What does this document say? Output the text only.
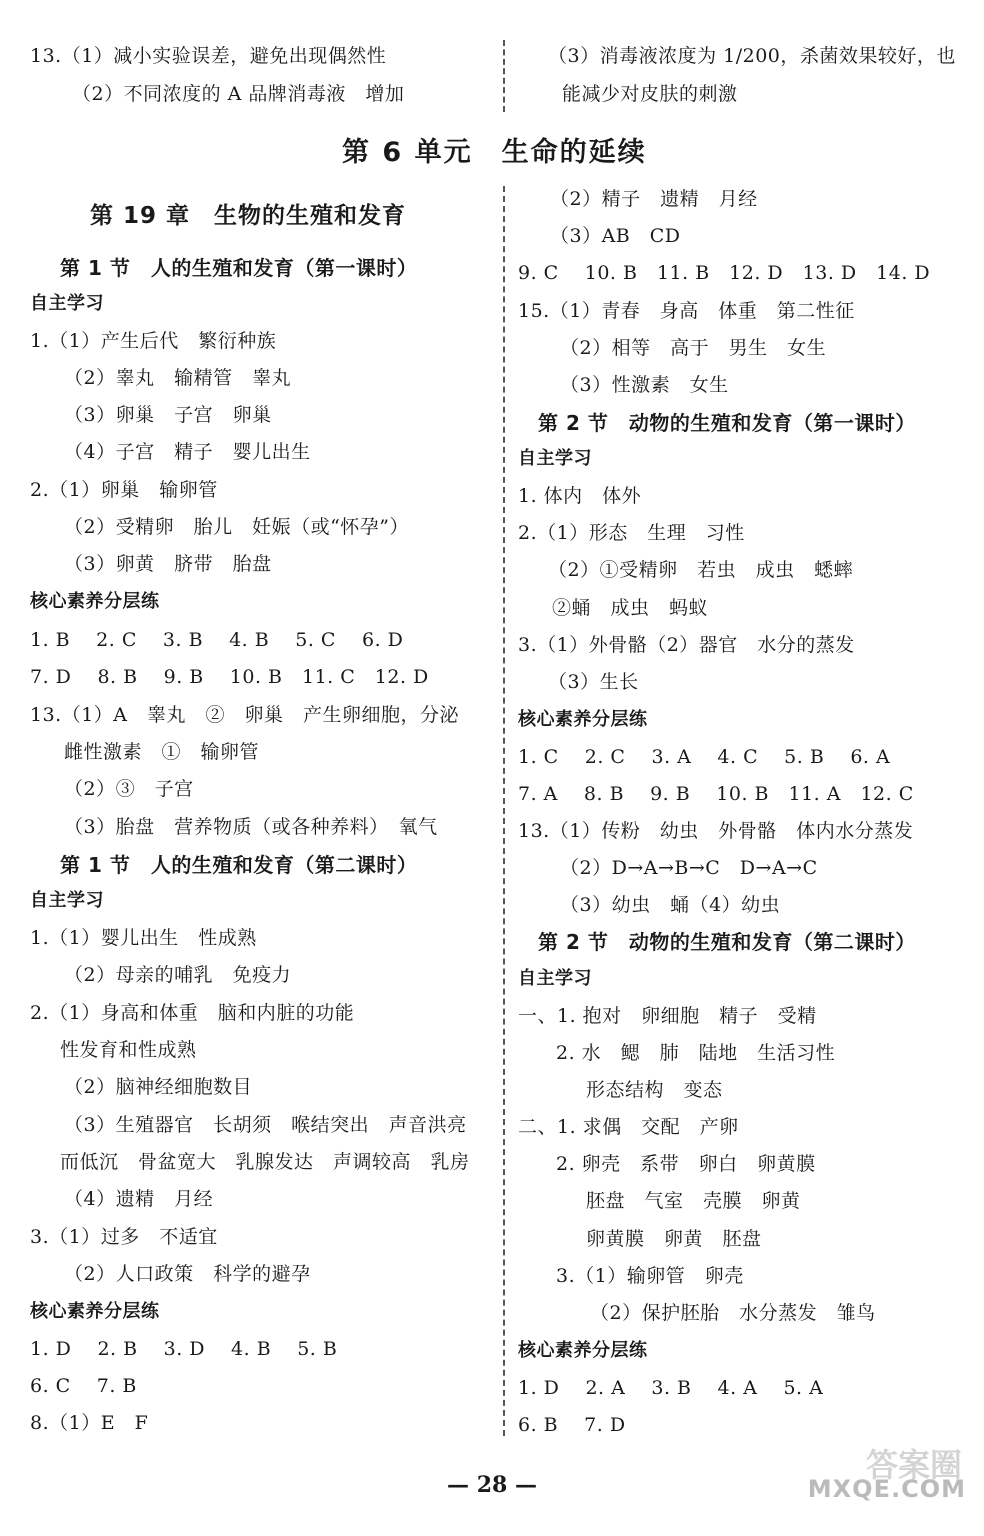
13.（1）减小实验误差，避免出现偶然性
（2）不同浓度的 A 品牌消毒液　增加
（3）消毒液浓度为 1/200，杀菌效果较好，也
能减少对皮肤的刺激
第 6 单元　生命的延续
第 19 章　生物的生殖和发育
第 1 节　人的生殖和发育（第一课时）
自主学习
1.（1）产生后代　繁衍种族
（2）睾丸　输精管　睾丸
（3）卵巢　子宫　卵巢
（4）子宫　精子　婴儿出生
2.（1）卵巢　输卵管
（2）受精卵　胎儿　妊娠（或“怀孕”）
（3）卵黄　脐带　胎盘
核心素养分层练
1. B　 2. C　 3. B　 4. B　 5. C　 6. D
7. D　 8. B　 9. B　 10. B　11. C　12. D
13.（1）A　睾丸　②　卵巢　产生卵细胞，分泌
雌性激素　①　输卵管
（2）③　子宫
（3）胎盘　营养物质（或各种养料）　氧气
第 1 节　人的生殖和发育（第二课时）
自主学习
1.（1）婴儿出生　性成熟
（2）母亲的哺乳　免疫力
2.（1）身高和体重　脑和内脏的功能
性发育和性成熟
（2）脑神经细胞数目
（3）生殖器官　长胡须　喉结突出　声音洪亮
而低沉　骨盆宽大　乳腺发达　声调较高　乳房
（4）遗精　月经
3.（1）过多　不适宜
（2）人口政策　科学的避孕
核心素养分层练
1. D　 2. B　 3. D　 4. B　 5. B
6. C　 7. B
8.（1）E　F
（2）精子　遗精　月经
（3）AB　CD
9. C　 10. B　11. B　12. D　13. D　14. D
15.（1）青春　身高　体重　第二性征
（2）相等　高于　男生　女生
（3）性激素　女生
第 2 节　动物的生殖和发育（第一课时）
自主学习
1. 体内　体外
2.（1）形态　生理　习性
（2）①受精卵　若虫　成虫　蟋蟀
②蛹　成虫　蚂蚁
3.（1）外骨骼（2）器官　水分的蒸发
（3）生长
核心素养分层练
1. C　 2. C　 3. A　 4. C　 5. B　 6. A
7. A　 8. B　 9. B　 10. B　11. A　12. C
13.（1）传粉　幼虫　外骨骼　体内水分蒸发
（2）D→A→B→C　D→A→C
（3）幼虫　蛹（4）幼虫
第 2 节　动物的生殖和发育（第二课时）
自主学习
一、1. 抱对　卵细胞　精子　受精
2. 水　鳃　肺　陆地　生活习性
形态结构　变态
二、1. 求偶　交配　产卵
2. 卵壳　系带　卵白　卵黄膜
胚盘　气室　壳膜　卵黄
卵黄膜　卵黄　胚盘
3.（1）输卵管　卵壳
（2）保护胚胎　水分蒸发　雏鸟
核心素养分层练
1. D　 2. A　 3. B　 4. A　 5. A
6. B　 7. D
— 28 —
答案圈
MXQE.COM
